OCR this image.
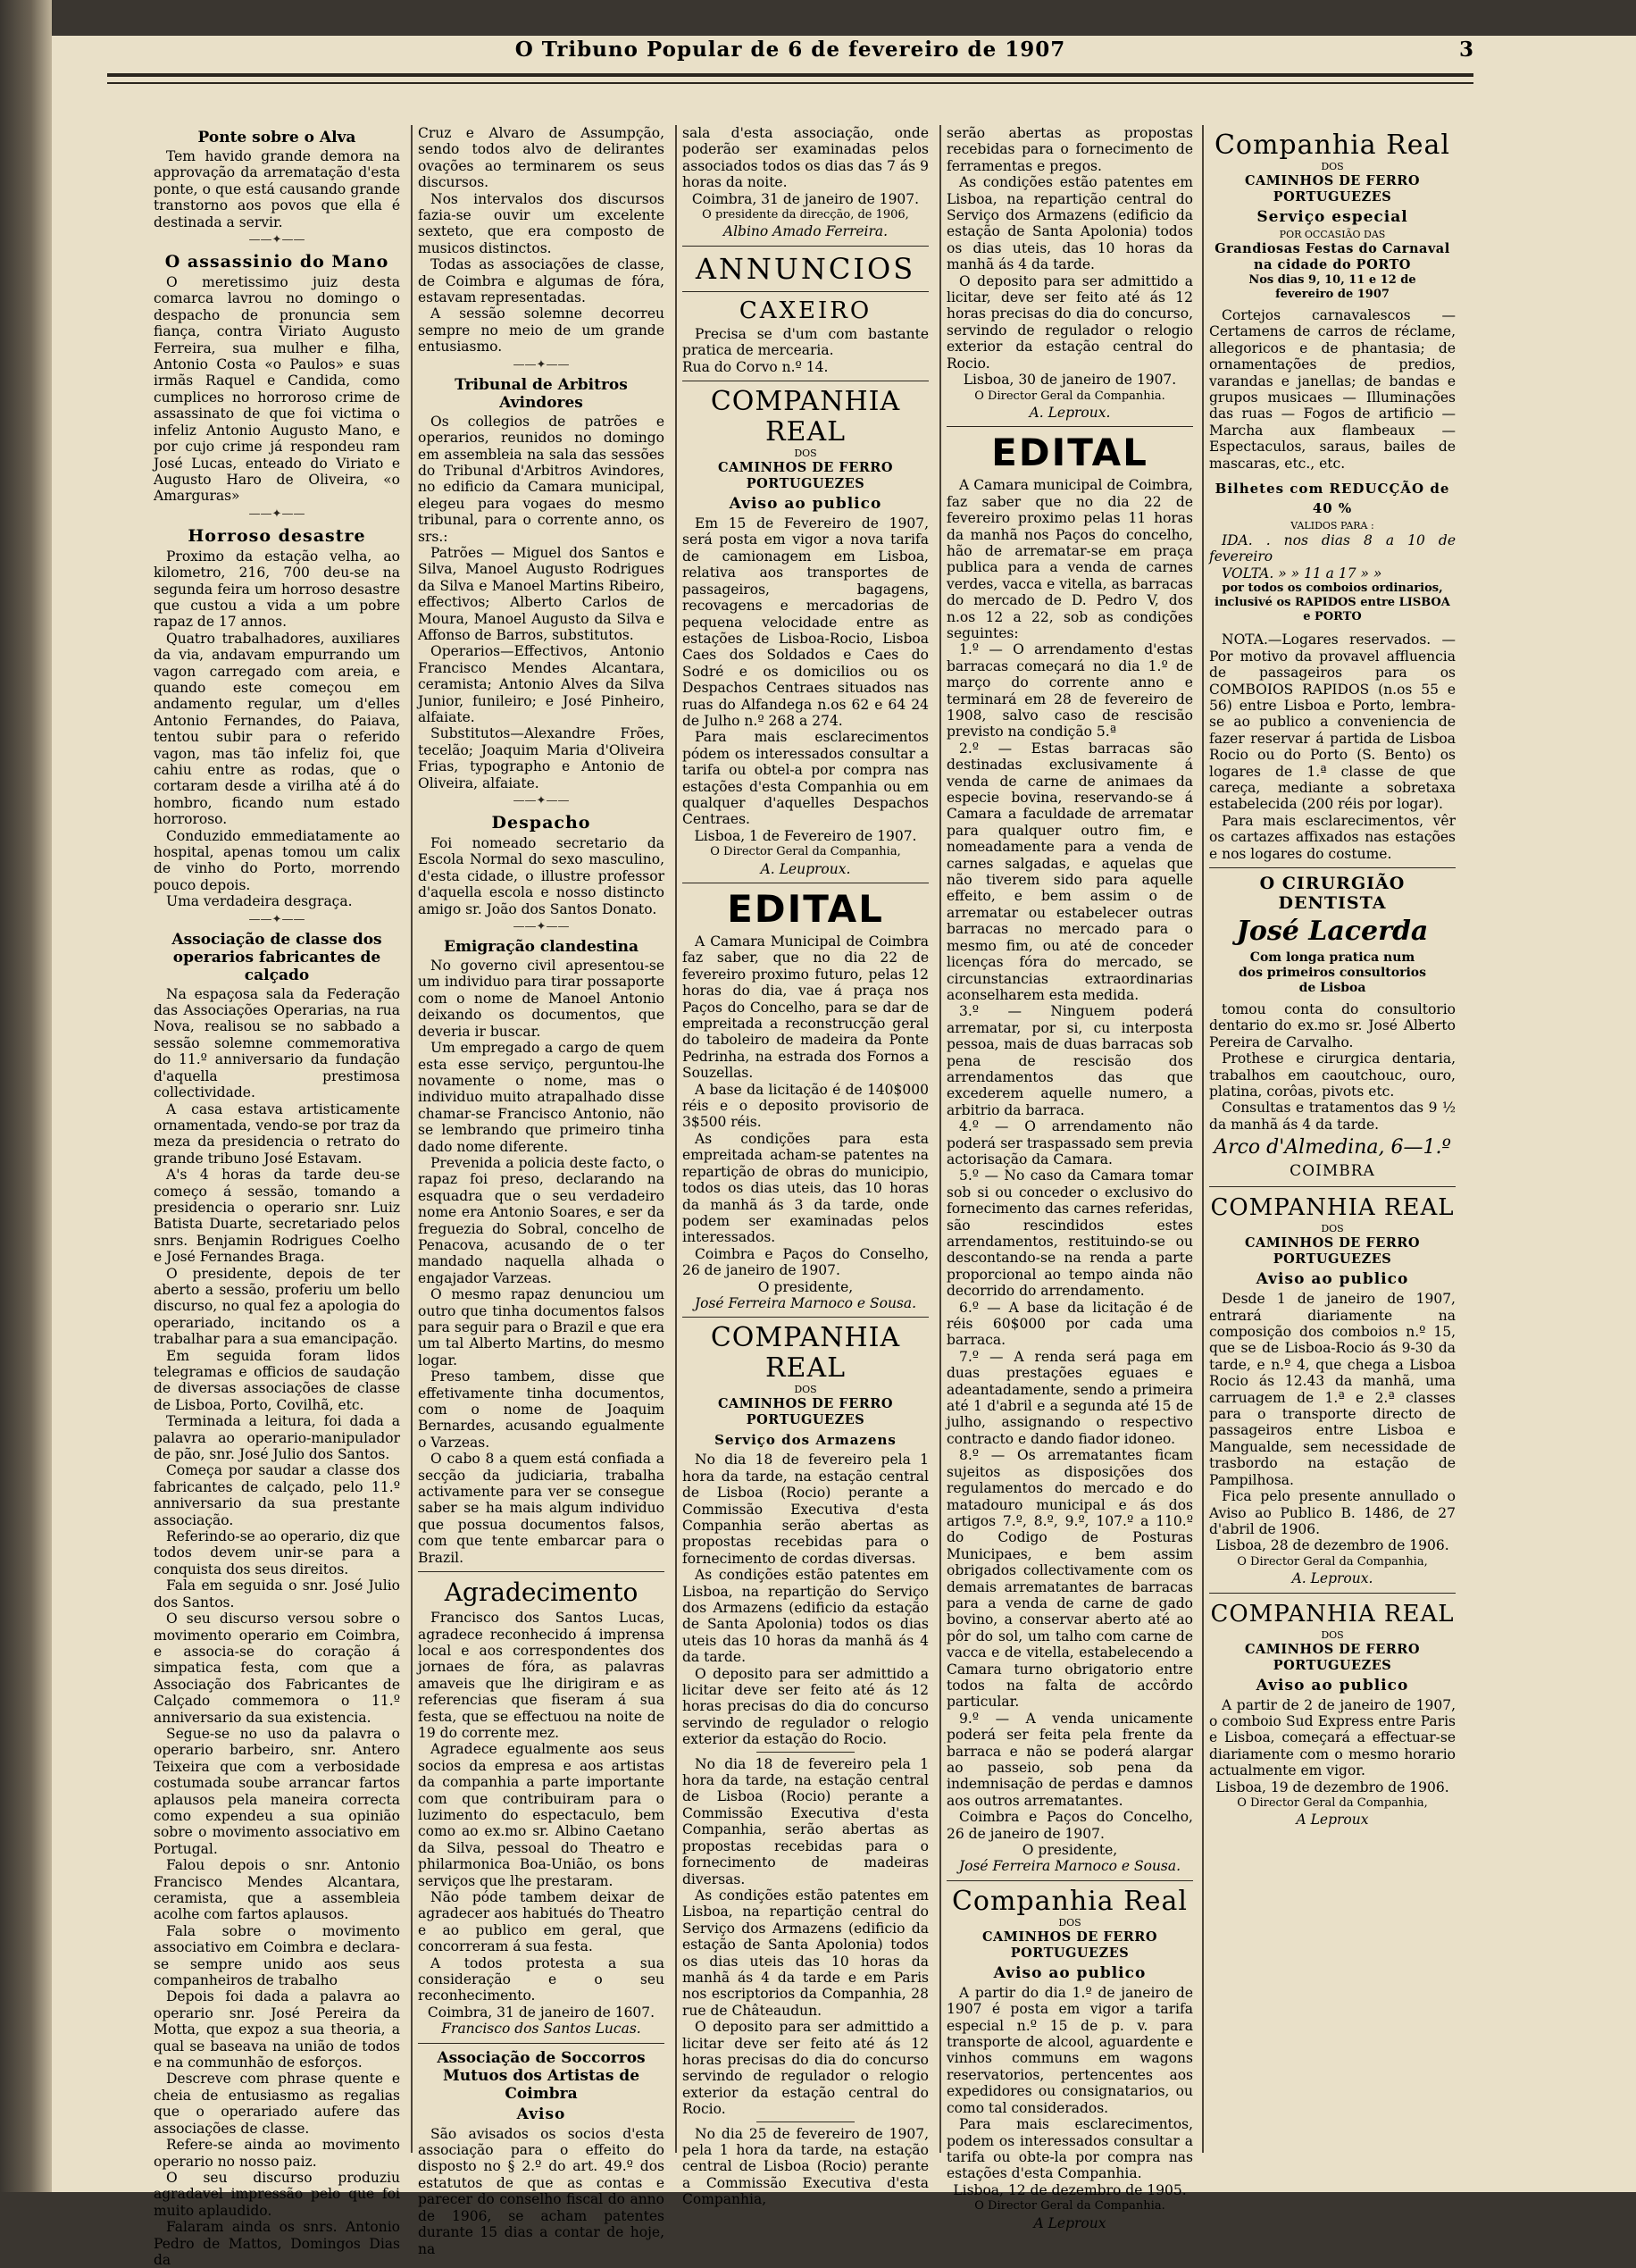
O Tribuno Popular de 6 de fevereiro de 1907	3
Ponte sobre o Alva

Tem havido grande demora na approvação da arrematação d'esta ponte, o que está causando grande transtorno aos povos que ella é destinada a servir.

——✦——
O assassinio do Mano

O meretissimo juiz desta comarca lavrou no domingo o despacho de pronuncia sem fiança, contra Viriato Augusto Ferreira, sua mulher e filha, Antonio Costa «o Paulos» e suas irmãs Raquel e Candida, como cumplices no horroroso crime de assassinato de que foi victima o infeliz Antonio Augusto Mano, e por cujo crime já respondeu ram José Lucas, enteado do Viriato e Augusto Haro de Oliveira, «o Amarguras»

——✦——
Horroso desastre

Proximo da estação velha, ao kilometro, 216, 700 deu-se na segunda feira um horroso desastre que custou a vida a um pobre rapaz de 17 annos.

Quatro trabalhadores, auxiliares da via, andavam empurrando um vagon carregado com areia, e quando este começou em andamento regular, um d'elles Antonio Fernandes, do Paiava, tentou subir para o referido vagon, mas tão infeliz foi, que cahiu entre as rodas, que o cortaram desde a virilha até á do hombro, ficando num estado horroroso.

Conduzido emmediatamente ao hospital, apenas tomou um calix de vinho do Porto, morrendo pouco depois.

Uma verdadeira desgraça.

——✦——
Associação de classe dos operarios fabricantes de calçado

Na espaçosa sala da Federação das Associações Operarias, na rua Nova, realisou se no sabbado a sessão solemne commemorativa do 11.º anniversario da fundação d'aquella prestimosa collectividade.

A casa estava artisticamente ornamentada, vendo-se por traz da meza da presidencia o retrato do grande tribuno José Estavam.

A's 4 horas da tarde deu-se começo á sessão, tomando a presidencia o operario snr. Luiz Batista Duarte, secretariado pelos snrs. Benjamin Rodrigues Coelho e José Fernandes Braga.

O presidente, depois de ter aberto a sessão, proferiu um bello discurso, no qual fez a apologia do operariado, incitando os a trabalhar para a sua emancipação.

Em seguida foram lidos telegramas e officios de saudação de diversas associações de classe de Lisboa, Porto, Covilhã, etc.

Terminada a leitura, foi dada a palavra ao operario-manipulador de pão, snr. José Julio dos Santos.

Começa por saudar a classe dos fabricantes de calçado, pelo 11.º anniversario da sua prestante associação.

Referindo-se ao operario, diz que todos devem unir-se para a conquista dos seus direitos.

Fala em seguida o snr. José Julio dos Santos.

O seu discurso versou sobre o movimento operario em Coimbra, e associa-se do coração á simpatica festa, com que a Associação dos Fabricantes de Calçado commemora o 11.º anniversario da sua existencia.

Segue-se no uso da palavra o operario barbeiro, snr. Antero Teixeira que com a verbosidade costumada soube arrancar fartos aplausos pela maneira correcta como expendeu a sua opinião sobre o movimento associativo em Portugal.

Falou depois o snr. Antonio Francisco Mendes Alcantara, ceramista, que a assembleia acolhe com fartos aplausos.

Fala sobre o movimento associativo em Coimbra e declara-se sempre unido aos seus companheiros de trabalho

Depois foi dada a palavra ao operario snr. José Pereira da Motta, que expoz a sua theoria, a qual se baseava na união de todos e na communhão de esforços.

Descreve com phrase quente e cheia de entusiasmo as regalias que o operariado aufere das associações de classe.

Refere-se ainda ao movimento operario no nosso paiz.

O seu discurso produziu agradavel impressão pelo que foi muito aplaudido.

Falaram ainda os snrs. Antonio Pedro de Mattos, Domingos Dias da

Cruz e Alvaro de Assumpção, sendo todos alvo de delirantes ovações ao terminarem os seus discursos.

Nos intervalos dos discursos fazia-se ouvir um excelente sexteto, que era composto de musicos distinctos.

Todas as associações de classe, de Coimbra e algumas de fóra, estavam representadas.

A sessão solemne decorreu sempre no meio de um grande entusiasmo.

——✦——
Tribunal de Arbitros Avindores

Os collegios de patrões e operarios, reunidos no domingo em assembleia na sala das sessões do Tribunal d'Arbitros Avindores, no edificio da Camara municipal, elegeu para vogaes do mesmo tribunal, para o corrente anno, os srs.:

Patrões — Miguel dos Santos e Silva, Manoel Augusto Rodrigues da Silva e Manoel Martins Ribeiro, effectivos; Alberto Carlos de Moura, Manoel Augusto da Silva e Affonso de Barros, substitutos.

Operarios—Effectivos, Antonio Francisco Mendes Alcantara, ceramista; Antonio Alves da Silva Junior, funileiro; e José Pinheiro, alfaiate.

Substitutos—Alexandre Frões, tecelão; Joaquim Maria d'Oliveira Frias, typographo e Antonio de Oliveira, alfaiate.

——✦——
Despacho

Foi nomeado secretario da Escola Normal do sexo masculino, d'esta cidade, o illustre professor d'aquella escola e nosso distincto amigo sr. João dos Santos Donato.

——✦——
Emigração clandestina

No governo civil apresentou-se um individuo para tirar possaporte com o nome de Manoel Antonio deixando os documentos, que deveria ir buscar.

Um empregado a cargo de quem esta esse serviço, perguntou-lhe novamente o nome, mas o individuo muito atrapalhado disse chamar-se Francisco Antonio, não se lembrando que primeiro tinha dado nome diferente.

Prevenida a policia deste facto, o rapaz foi preso, declarando na esquadra que o seu verdadeiro nome era Antonio Soares, e ser da freguezia do Sobral, concelho de Penacova, acusando de o ter mandado naquella alhada o engajador Varzeas.

O mesmo rapaz denunciou um outro que tinha documentos falsos para seguir para o Brazil e que era um tal Alberto Martins, do mesmo logar.

Preso tambem, disse que effetivamente tinha documentos, com o nome de Joaquim Bernardes, acusando egualmente o Varzeas.

O cabo 8 a quem está confiada a secção da judiciaria, trabalha activamente para ver se consegue saber se ha mais algum individuo que possua documentos falsos, com que tente embarcar para o Brazil.

Agradecimento

Francisco dos Santos Lucas, agradece reconhecido á imprensa local e aos correspondentes dos jornaes de fóra, as palavras amaveis que lhe dirigiram e as referencias que fiseram á sua festa, que se effectuou na noite de 19 do corrente mez.

Agradece egualmente aos seus socios da empresa e aos artistas da companhia a parte importante com que contribuiram para o luzimento do espectaculo, bem como ao ex.mo sr. Albino Caetano da Silva, pessoal do Theatro e philarmonica Boa-União, os bons serviços que lhe prestaram.

Não póde tambem deixar de agradecer aos habitués do Theatro e ao publico em geral, que concorreram á sua festa.

A todos protesta a sua consideração e o seu reconhecimento.

Coimbra, 31 de janeiro de 1607.

Francisco dos Santos Lucas.

Associação de Soccorros Mutuos dos Artistas de Coimbra
Aviso

São avisados os socios d'esta associação para o effeito do disposto no § 2.º do art. 49.º dos estatutos de que as contas e parecer do conselho fiscal do anno de 1906, se acham patentes durante 15 dias a contar de hoje, na

sala d'esta associação, onde poderão ser examinadas pelos associados todos os dias das 7 ás 9 horas da noite.

Coimbra, 31 de janeiro de 1907.

O presidente da direcção, de 1906,

Albino Amado Ferreira.

ANNUNCIOS
CAXEIRO

Precisa se d'um com bastante pratica de mercearia.

Rua do Corvo n.º 14.

COMPANHIA REAL
DOS
CAMINHOS DE FERRO PORTUGUEZES
Aviso ao publico

Em 15 de Fevereiro de 1907, será posta em vigor a nova tarifa de camionagem em Lisboa, relativa aos transportes de passageiros, bagagens, recovagens e mercadorias de pequena velocidade entre as estações de Lisboa-Rocio, Lisboa Caes dos Soldados e Caes do Sodré e os domicilios ou os Despachos Centraes situados nas ruas do Alfandega n.os 62 e 64 24 de Julho n.º 268 a 274.

Para mais esclarecimentos pódem os interessados consultar a tarifa ou obtel-a por compra nas estações d'esta Companhia ou em qualquer d'aquelles Despachos Centraes.

Lisboa, 1 de Fevereiro de 1907.

O Director Geral da Companhia,

A. Leuproux.

EDITAL

A Camara Municipal de Coimbra faz saber, que no dia 22 de fevereiro proximo futuro, pelas 12 horas do dia, vae á praça nos Paços do Concelho, para se dar de empreitada a reconstrucção geral do taboleiro de madeira da Ponte Pedrinha, na estrada dos Fornos a Souzellas.

A base da licitação é de 140$000 réis e o deposito provisorio de 3$500 réis.

As condições para esta empreitada acham-se patentes na repartição de obras do municipio, todos os dias uteis, das 10 horas da manhã ás 3 da tarde, onde podem ser examinadas pelos interessados.

Coimbra e Paços do Conselho, 26 de janeiro de 1907.

O presidente,

José Ferreira Marnoco e Sousa.

COMPANHIA REAL
DOS
CAMINHOS DE FERRO PORTUGUEZES
Serviço dos Armazens

No dia 18 de fevereiro pela 1 hora da tarde, na estação central de Lisboa (Rocio) perante a Commissão Executiva d'esta Companhia serão abertas as propostas recebidas para o fornecimento de cordas diversas.

As condições estão patentes em Lisboa, na repartição do Serviço dos Armazens (edificio da estação de Santa Apolonia) todos os dias uteis das 10 horas da manhã ás 4 da tarde.

O deposito para ser admittido a licitar deve ser feito até ás 12 horas precisas do dia do concurso servindo de regulador o relogio exterior da estação do Rocio.

No dia 18 de fevereiro pela 1 hora da tarde, na estação central de Lisboa (Rocio) perante a Commissão Executiva d'esta Companhia, serão abertas as propostas recebidas para o fornecimento de madeiras diversas.

As condições estão patentes em Lisboa, na repartição central do Serviço dos Armazens (edificio da estação de Santa Apolonia) todos os dias uteis das 10 horas da manhã ás 4 da tarde e em Paris nos escriptorios da Companhia, 28 rue de Châteaudun.

O deposito para ser admittido a licitar deve ser feito até ás 12 horas precisas do dia do concurso servindo de regulador o relogio exterior da estação central do Rocio.

No dia 25 de fevereiro de 1907, pela 1 hora da tarde, na estação central de Lisboa (Rocio) perante a Commissão Executiva d'esta Companhia,

serão abertas as propostas recebidas para o fornecimento de ferramentas e pregos.

As condições estão patentes em Lisboa, na repartição central do Serviço dos Armazens (edificio da estação de Santa Apolonia) todos os dias uteis, das 10 horas da manhã ás 4 da tarde.

O deposito para ser admittido a licitar, deve ser feito até ás 12 horas precisas do dia do concurso, servindo de regulador o relogio exterior da estação central do Rocio.

Lisboa, 30 de janeiro de 1907.

O Director Geral da Companhia.

A. Leproux.

EDITAL

A Camara municipal de Coimbra, faz saber que no dia 22 de fevereiro proximo pelas 11 horas da manhã nos Paços do concelho, hão de arrematar-se em praça publica para a venda de carnes verdes, vacca e vitella, as barracas do mercado de D. Pedro V, dos n.os 12 a 22, sob as condições seguintes:

1.º — O arrendamento d'estas barracas começará no dia 1.º de março do corrente anno e terminará em 28 de fevereiro de 1908, salvo caso de rescisão previsto na condição 5.ª

2.º — Estas barracas são destinadas exclusivamente á venda de carne de animaes da especie bovina, reservando-se á Camara a faculdade de arrematar para qualquer outro fim, e nomeadamente para a venda de carnes salgadas, e aquelas que não tiverem sido para aquelle effeito, e bem assim o de arrematar ou estabelecer outras barracas no mercado para o mesmo fim, ou até de conceder licenças fóra do mercado, se circunstancias extraordinarias aconselharem esta medida.

3.º — Ninguem poderá arrematar, por si, cu interposta pessoa, mais de duas barracas sob pena de rescisão dos arrendamentos das que excederem aquelle numero, a arbitrio da barraca.

4.º — O arrendamento não poderá ser traspassado sem previa actorisação da Camara.

5.º — No caso da Camara tomar sob si ou conceder o exclusivo do fornecimento das carnes referidas, são rescindidos estes arrendamentos, restituindo-se ou descontando-se na renda a parte proporcional ao tempo ainda não decorrido do arrendamento.

6.º — A base da licitação é de réis 60$000 por cada uma barraca.

7.º — A renda será paga em duas prestações eguaes e adeantadamente, sendo a primeira até 1 d'abril e a segunda até 15 de julho, assignando o respectivo contracto e dando fiador idoneo.

8.º — Os arrematantes ficam sujeitos as disposições dos regulamentos do mercado e do matadouro municipal e ás dos artigos 7.º, 8.º, 9.º, 107.º a 110.º do Codigo de Posturas Municipaes, e bem assim obrigados collectivamente com os demais arrematantes de barracas para a venda de carne de gado bovino, a conservar aberto até ao pôr do sol, um talho com carne de vacca e de vitella, estabelecendo a Camara turno obrigatorio entre todos na falta de accôrdo particular.

9.º — A venda unicamente poderá ser feita pela frente da barraca e não se poderá alargar ao passeio, sob pena da indemnisação de perdas e damnos aos outros arrematantes.

Coimbra e Paços do Concelho, 26 de janeiro de 1907.

O presidente,

José Ferreira Marnoco e Sousa.

Companhia Real
DOS
CAMINHOS DE FERRO PORTUGUEZES
Aviso ao publico

A partir do dia 1.º de janeiro de 1907 é posta em vigor a tarifa especial n.º 15 de p. v. para transporte de alcool, aguardente e vinhos communs em wagons reservatorios, pertencentes aos expedidores ou consignatarios, ou como tal considerados.

Para mais esclarecimentos, podem os interessados consultar a tarifa ou obte-la por compra nas estações d'esta Companhia.

Lisboa, 12 de dezembro de 1905.

O Director Geral da Companhia.

A Leproux

Companhia Real
DOS
CAMINHOS DE FERRO PORTUGUEZES
Serviço especial
POR OCCASIÃO DAS
Grandiosas Festas do Carnaval
na cidade do PORTO
Nos dias 9, 10, 11 e 12 de fevereiro de 1907

Cortejos carnavalescos — Certamens de carros de réclame, allegoricos e de phantasia; de ornamentações de predios, varandas e janellas; de bandas e grupos musicaes — Illuminações das ruas — Fogos de artificio — Marcha aux flambeaux — Espectaculos, saraus, bailes de mascaras, etc., etc.

Bilhetes com REDUCÇÃO de 40 %
VALIDOS PARA :

IDA. . nos dias 8 a 10 de fevereiro

VOLTA. » » 11 a 17 » »

por todos os comboios ordinarios, inclusivé os RAPIDOS entre LISBOA e PORTO

NOTA.—Logares reservados. — Por motivo da provavel affluencia de passageiros para os COMBOIOS RAPIDOS (n.os 55 e 56) entre Lisboa e Porto, lembra-se ao publico a conveniencia de fazer reservar á partida de Lisboa Rocio ou do Porto (S. Bento) os logares de 1.ª classe de que careça, mediante a sobretaxa estabelecida (200 réis por logar).

Para mais esclarecimentos, vêr os cartazes affixados nas estações e nos logares do costume.

O CIRURGIÃO DENTISTA
José Lacerda
Com longa pratica num dos primeiros consultorios de Lisboa

tomou conta do consultorio dentario do ex.mo sr. José Alberto Pereira de Carvalho.

Prothese e cirurgica dentaria, trabalhos em caoutchouc, ouro, platina, corôas, pivots etc.

Consultas e tratamentos das 9 ½ da manhã ás 4 da tarde.

Arco d'Almedina, 6—1.º
COIMBRA
COMPANHIA REAL
DOS
CAMINHOS DE FERRO PORTUGUEZES
Aviso ao publico

Desde 1 de janeiro de 1907, entrará diariamente na composição dos comboios n.º 15, que se de Lisboa-Rocio ás 9-30 da tarde, e n.º 4, que chega a Lisboa Rocio ás 12.43 da manhã, uma carruagem de 1.ª e 2.ª classes para o transporte directo de passageiros entre Lisboa e Mangualde, sem necessidade de trasbordo na estação de Pampilhosa.

Fica pelo presente annullado o Aviso ao Publico B. 1486, de 27 d'abril de 1906.

Lisboa, 28 de dezembro de 1906.

O Director Geral da Companhia,

A. Leproux.

COMPANHIA REAL
DOS
CAMINHOS DE FERRO PORTUGUEZES
Aviso ao publico

A partir de 2 de janeiro de 1907, o comboio Sud Express entre Paris e Lisboa, começará a effectuar-se diariamente com o mesmo horario actualmente em vigor.

Lisboa, 19 de dezembro de 1906.

O Director Geral da Companhia,

A Leproux
